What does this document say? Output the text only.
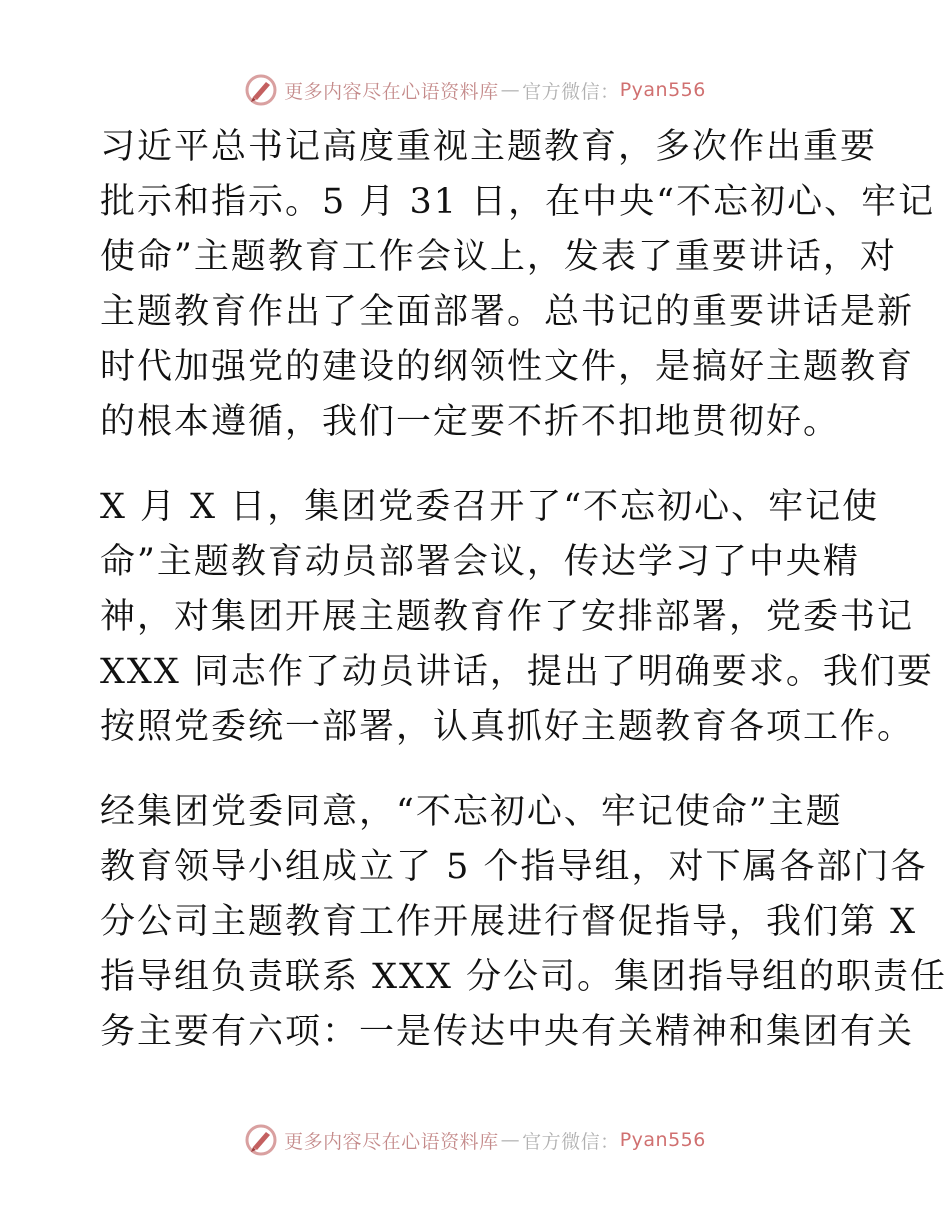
更多内容尽在心语资料库 — 官方微信： Pyan556

习近平总书记高度重视主题教育，多次作出重要
批示和指示。5 月 31 日，在中央“不忘初心、牢记
使命”主题教育工作会议上，发表了重要讲话，对
主题教育作出了全面部署。总书记的重要讲话是新
时代加强党的建设的纲领性文件，是搞好主题教育
的根本遵循，我们一定要不折不扣地贯彻好。

X 月 X 日，集团党委召开了“不忘初心、牢记使
命”主题教育动员部署会议，传达学习了中央精
神，对集团开展主题教育作了安排部署，党委书记
XXX 同志作了动员讲话，提出了明确要求。我们要
按照党委统一部署，认真抓好主题教育各项工作。

经集团党委同意，“不忘初心、牢记使命”主题
教育领导小组成立了 5 个指导组，对下属各部门各
分公司主题教育工作开展进行督促指导，我们第 X
指导组负责联系 XXX 分公司。集团指导组的职责任
务主要有六项：一是传达中央有关精神和集团有关

更多内容尽在心语资料库 — 官方微信： Pyan556
